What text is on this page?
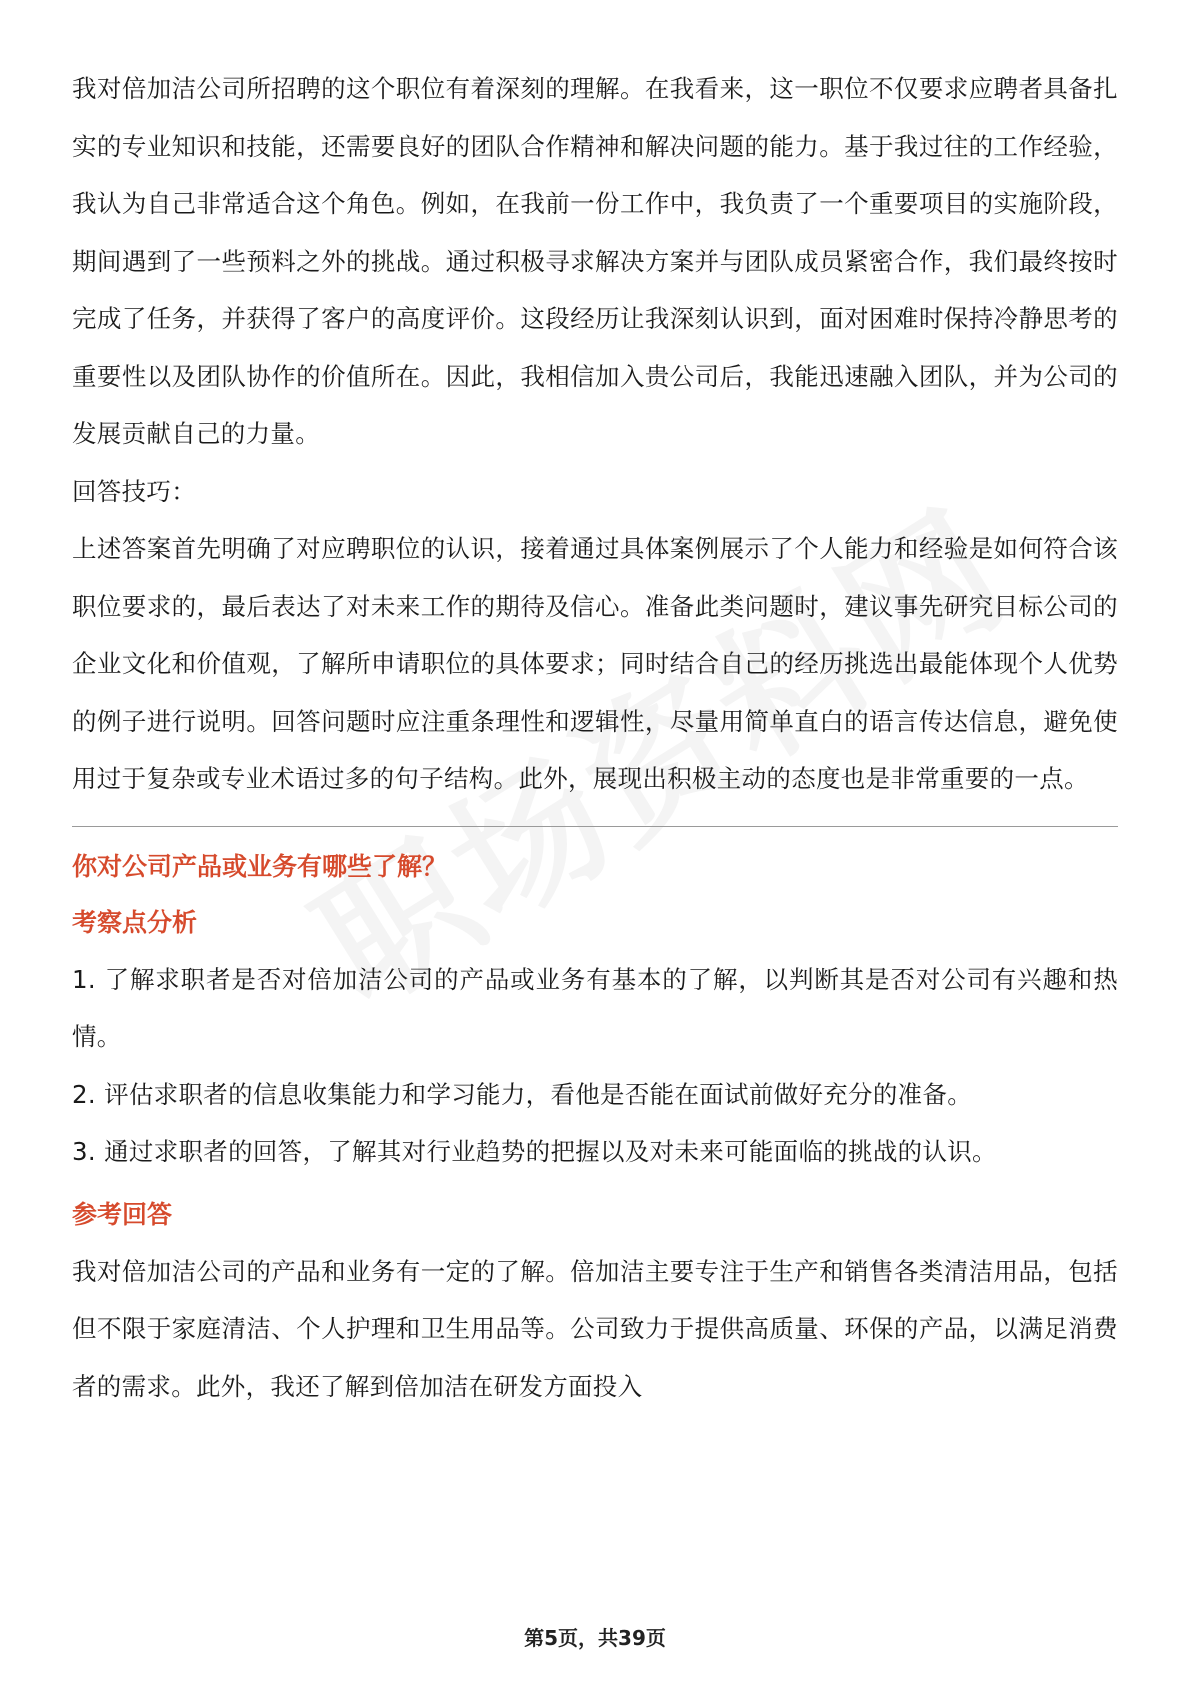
我对倍加洁公司所招聘的这个职位有着深刻的理解。在我看来，这一职位不仅要求应聘者具备扎实的专业知识和技能，还需要良好的团队合作精神和解决问题的能力。基于我过往的工作经验，我认为自己非常适合这个角色。例如，在我前一份工作中，我负责了一个重要项目的实施阶段，期间遇到了一些预料之外的挑战。通过积极寻求解决方案并与团队成员紧密合作，我们最终按时完成了任务，并获得了客户的高度评价。这段经历让我深刻认识到，面对困难时保持冷静思考的重要性以及团队协作的价值所在。因此，我相信加入贵公司后，我能迅速融入团队，并为公司的发展贡献自己的力量。

回答技巧：

上述答案首先明确了对应聘职位的认识，接着通过具体案例展示了个人能力和经验是如何符合该职位要求的，最后表达了对未来工作的期待及信心。准备此类问题时，建议事先研究目标公司的企业文化和价值观，了解所申请职位的具体要求；同时结合自己的经历挑选出最能体现个人优势的例子进行说明。回答问题时应注重条理性和逻辑性，尽量用简单直白的语言传达信息，避免使用过于复杂或专业术语过多的句子结构。此外，展现出积极主动的态度也是非常重要的一点。

你对公司产品或业务有哪些了解？
考察点分析

1. 了解求职者是否对倍加洁公司的产品或业务有基本的了解，以判断其是否对公司有兴趣和热情。

2. 评估求职者的信息收集能力和学习能力，看他是否能在面试前做好充分的准备。

3. 通过求职者的回答，了解其对行业趋势的把握以及对未来可能面临的挑战的认识。

参考回答

我对倍加洁公司的产品和业务有一定的了解。倍加洁主要专注于生产和销售各类清洁用品，包括但不限于家庭清洁、个人护理和卫生用品等。公司致力于提供高质量、环保的产品，以满足消费者的需求。此外，我还了解到倍加洁在研发方面投入

第5页，共39页
